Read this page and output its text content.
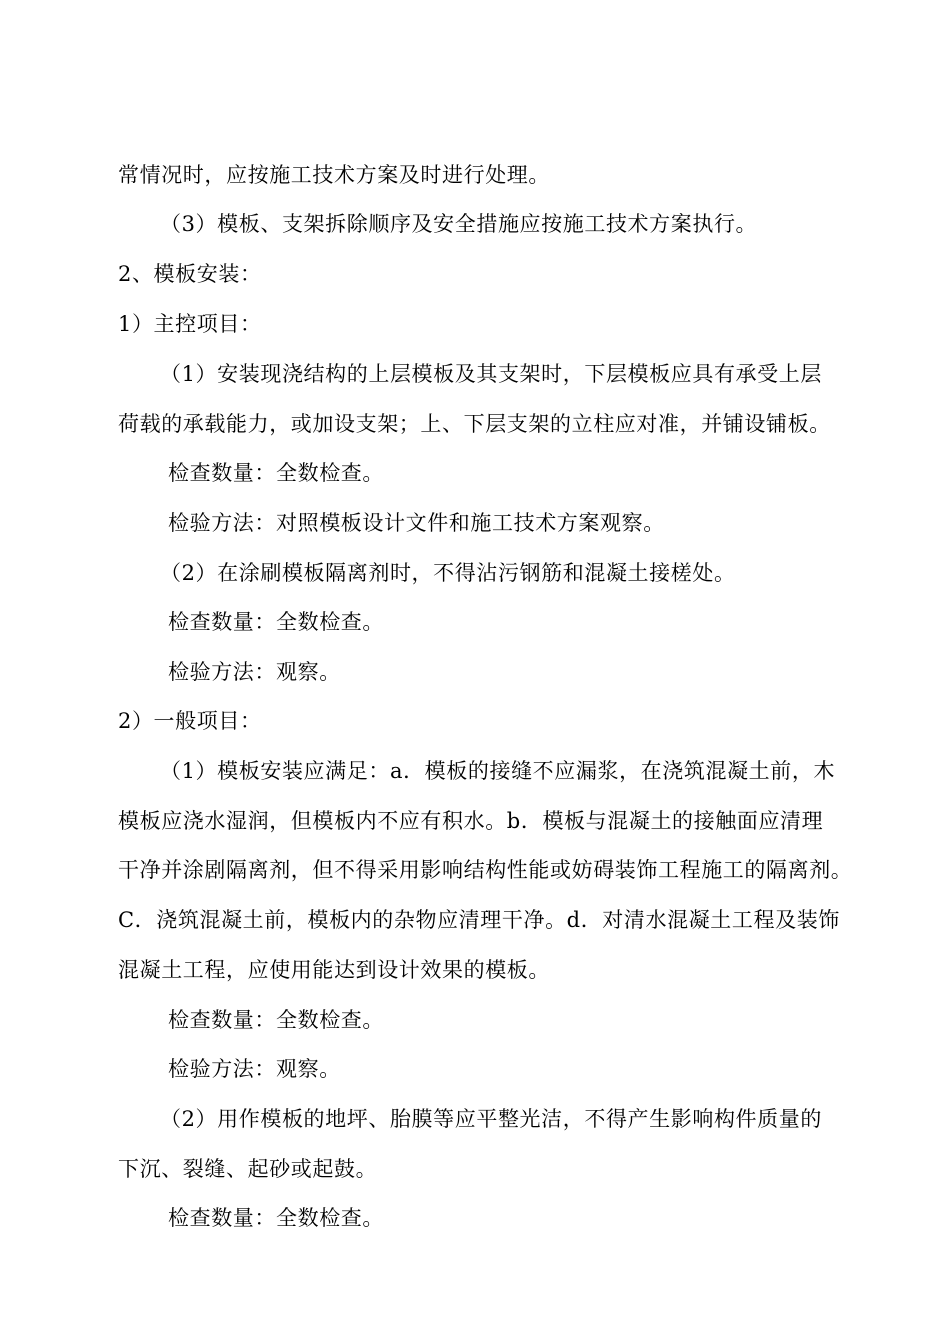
常情况时，应按施工技术方案及时进行处理。
（3）模板、支架拆除顺序及安全措施应按施工技术方案执行。
2、模板安装：
1）主控项目：
（1）安装现浇结构的上层模板及其支架时，下层模板应具有承受上层
荷载的承载能力，或加设支架；上、下层支架的立柱应对准，并铺设铺板。
检查数量：全数检查。
检验方法：对照模板设计文件和施工技术方案观察。
（2）在涂刷模板隔离剂时，不得沾污钢筋和混凝土接槎处。
检查数量：全数检查。
检验方法：观察。
2）一般项目：
（1）模板安装应满足：a．模板的接缝不应漏浆，在浇筑混凝土前，木
模板应浇水湿润，但模板内不应有积水。b．模板与混凝土的接触面应清理
干净并涂剧隔离剂，但不得采用影响结构性能或妨碍装饰工程施工的隔离剂。
C．浇筑混凝土前，模板内的杂物应清理干净。d．对清水混凝土工程及装饰
混凝土工程，应使用能达到设计效果的模板。
检查数量：全数检查。
检验方法：观察。
（2）用作模板的地坪、胎膜等应平整光洁，不得产生影响构件质量的
下沉、裂缝、起砂或起鼓。
检查数量：全数检查。
